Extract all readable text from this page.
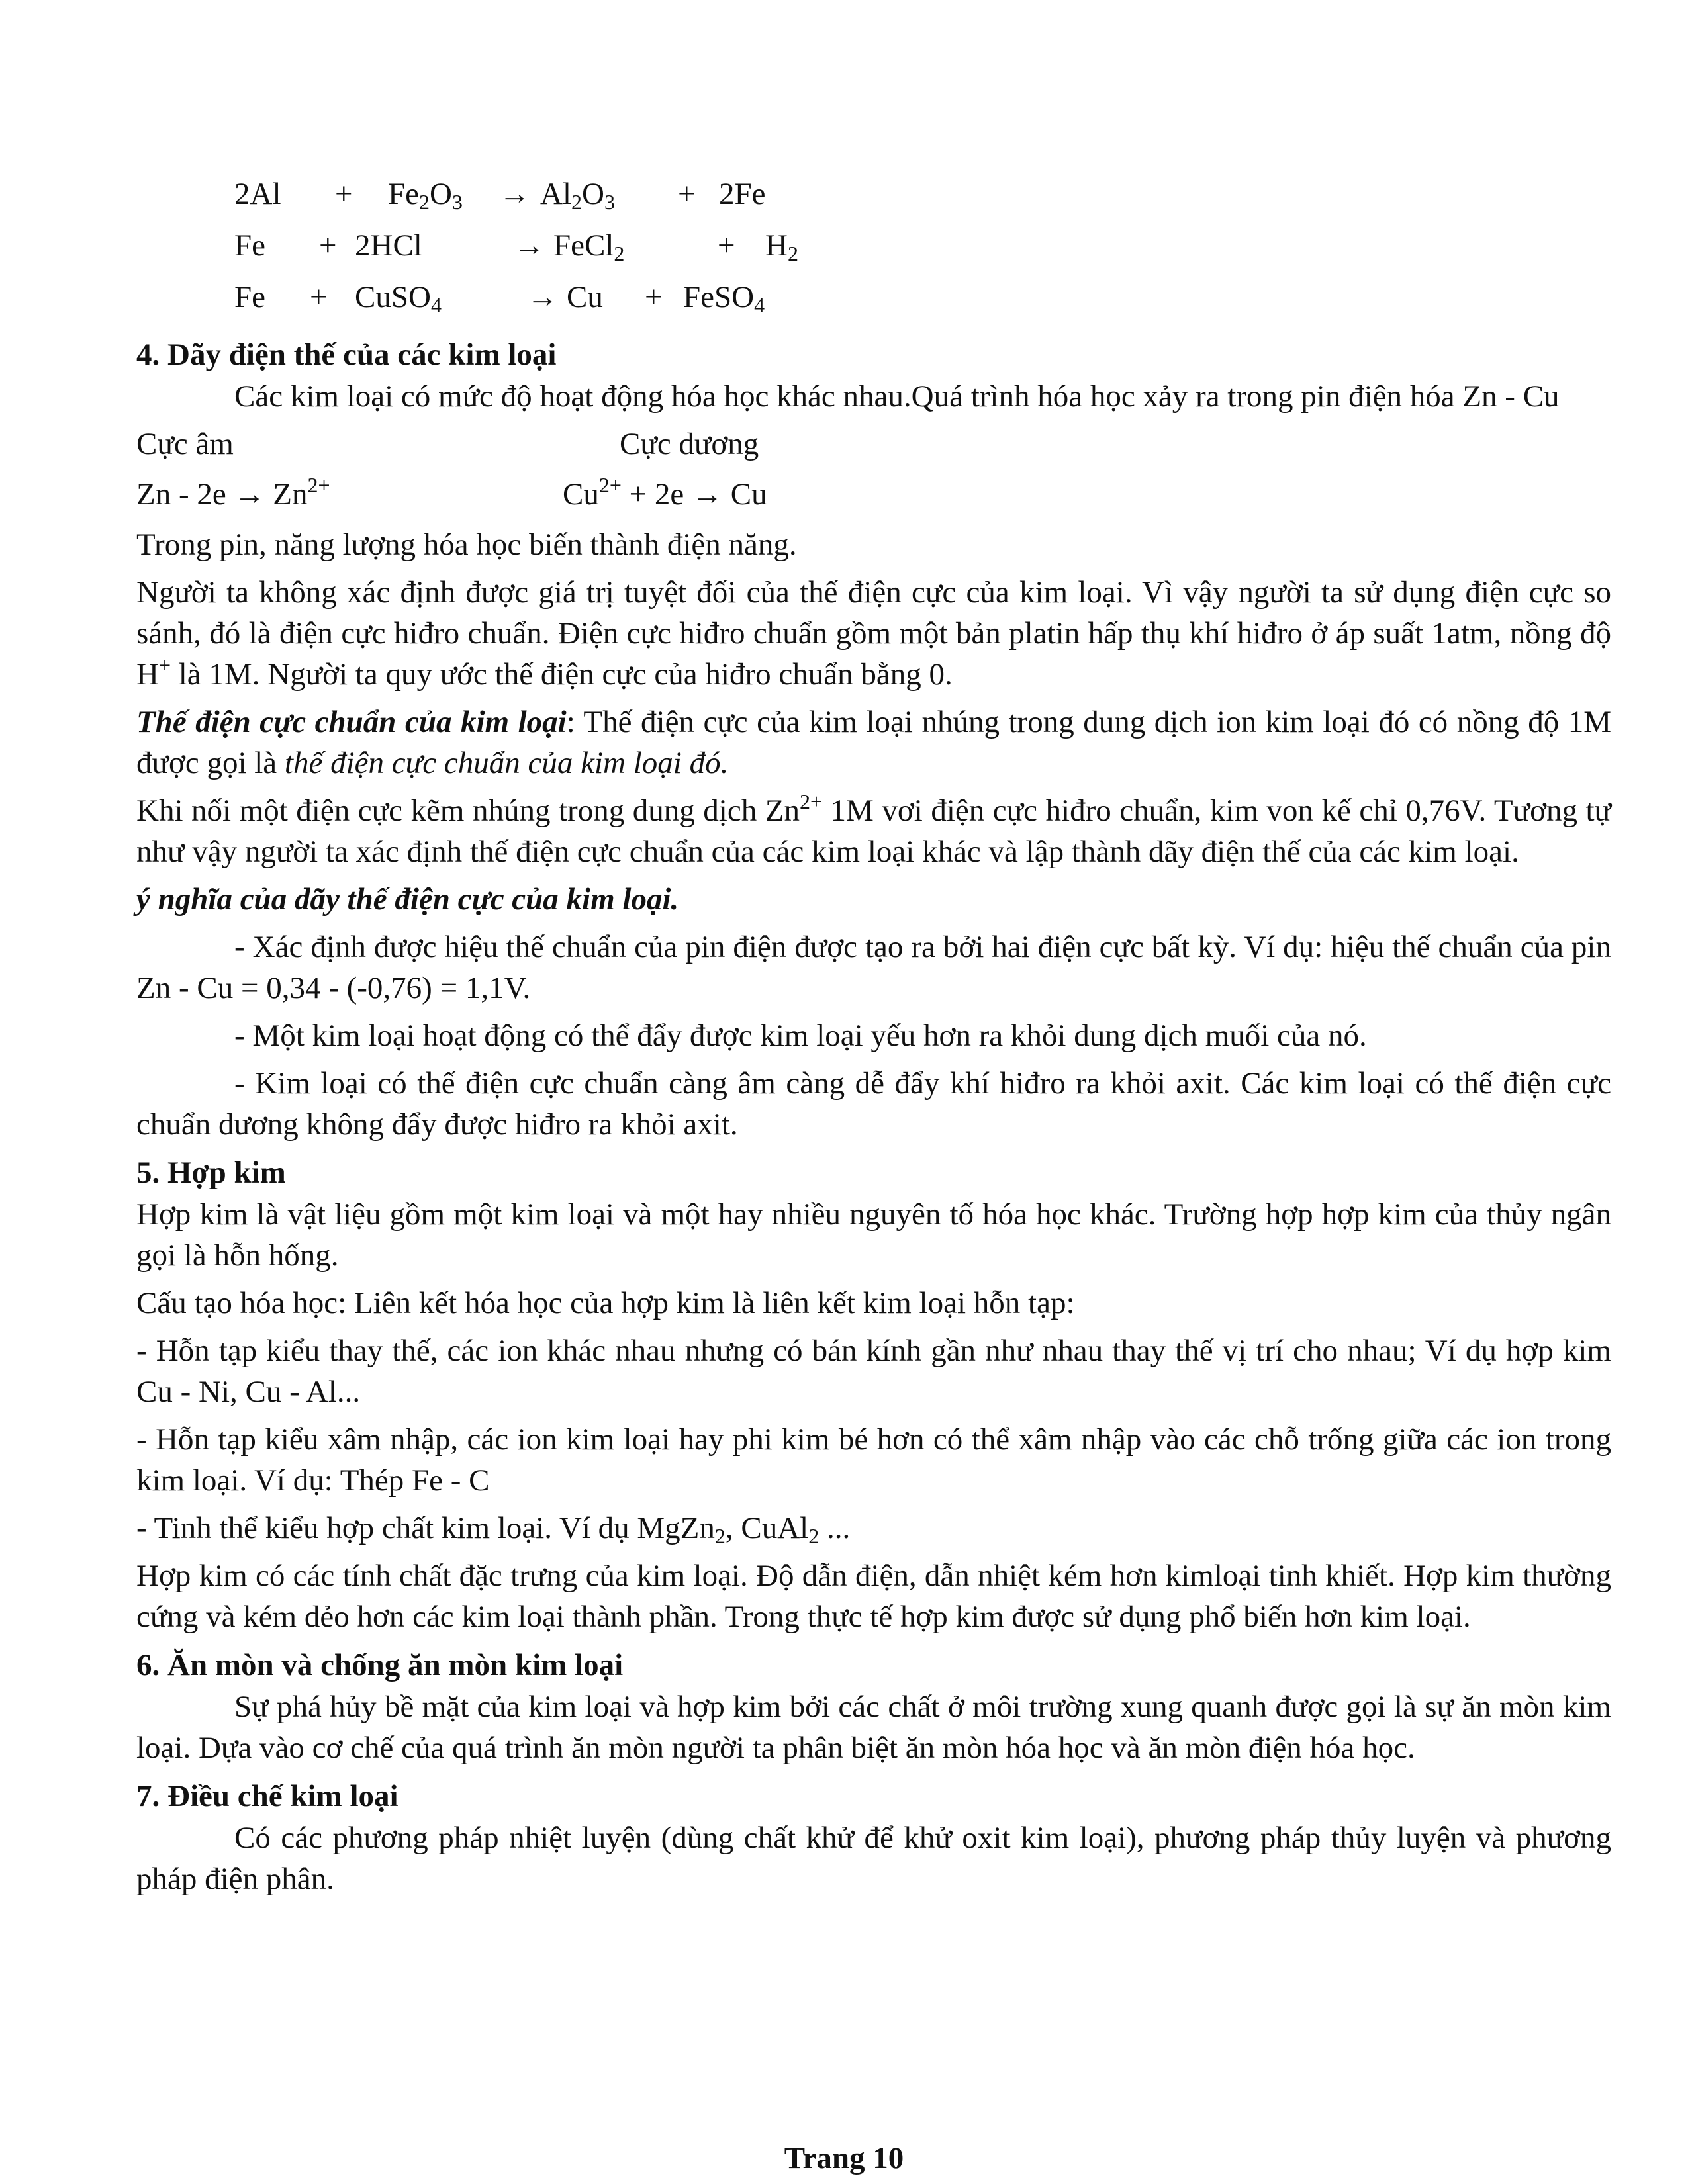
$2Al + Fe_2O_3 \to Al_2O_3 + 2Fe$
Fe + 2HCl	→ FeCl$_2$	+ $H_2$
Fe + CuSO$_4$	→ Cu + FeSO$_4$
4. Dãy điện thế của các kim loại

Các kim loại có mức độ hoạt động hóa học khác nhau.Quá trình hóa học xảy ra trong pin điện hóa Zn - Cu

Cực âm	Cực dương
$Zn - 2e \to Zn^{2+}$	$Cu^{2+} + 2e \to Cu$

Trong pin, năng lượng hóa học biến thành điện năng.

Người ta không xác định được giá trị tuyệt đối của thế điện cực của kim loại. Vì vậy người ta sử dụng điện cực so sánh, đó là điện cực hiđro chuẩn. Điện cực hiđro chuẩn gồm một bản platin hấp thụ khí hiđro ở áp suất 1atm, nồng độ H+ là 1M. Người ta quy ước thế điện cực của hiđro chuẩn bằng 0.

Thế điện cực chuẩn của kim loại: Thế điện cực của kim loại nhúng trong dung dịch ion kim loại đó có nồng độ 1M được gọi là thế điện cực chuẩn của kim loại đó.

Khi nối một điện cực kẽm nhúng trong dung dịch $Zn^{2+}$ 1M vơi điện cực hiđro chuẩn, kim von kế chỉ 0,76V. Tương tự như vậy người ta xác định thế điện cực chuẩn của các kim loại khác và lập thành dãy điện thế của các kim loại.

ý nghĩa của dãy thế điện cực của kim loại.

- Xác định được hiệu thế chuẩn của pin điện được tạo ra bởi hai điện cực bất kỳ. Ví dụ: hiệu thế chuẩn của pin Zn - Cu = 0,34 - (-0,76) = 1,1V.

- Một kim loại hoạt động có thể đẩy được kim loại yếu hơn ra khỏi dung dịch muối của nó.

- Kim loại có thế điện cực chuẩn càng âm càng dễ đẩy khí hiđro ra khỏi axit. Các kim loại có thế điện cực chuẩn dương không đẩy được hiđro ra khỏi axit.

5. Hợp kim

Hợp kim là vật liệu gồm một kim loại và một hay nhiều nguyên tố hóa học khác. Trường hợp hợp kim của thủy ngân gọi là hỗn hống.

Cấu tạo hóa học: Liên kết hóa học của hợp kim là liên kết kim loại hỗn tạp:

- Hỗn tạp kiểu thay thế, các ion khác nhau nhưng có bán kính gần như nhau thay thế vị trí cho nhau; Ví dụ hợp kim Cu - Ni, Cu - Al...

- Hỗn tạp kiểu xâm nhập, các ion kim loại hay phi kim bé hơn có thể xâm nhập vào các chỗ trống giữa các ion trong kim loại. Ví dụ: Thép Fe - C

- Tinh thể kiểu hợp chất kim loại. Ví dụ MgZn$_2$, CuAl$_2$ ...

Hợp kim có các tính chất đặc trưng của kim loại. Độ dẫn điện, dẫn nhiệt kém hơn kimloại tinh khiết. Hợp kim thường cứng và kém dẻo hơn các kim loại thành phần. Trong thực tế hợp kim được sử dụng phổ biến hơn kim loại.

6. Ăn mòn và chống ăn mòn kim loại

Sự phá hủy bề mặt của kim loại và hợp kim bởi các chất ở môi trường xung quanh được gọi là sự ăn mòn kim loại. Dựa vào cơ chế của quá trình ăn mòn người ta phân biệt ăn mòn hóa học và ăn mòn điện hóa học.

7. Điều chế kim loại

Có các phương pháp nhiệt luyện (dùng chất khử để khử oxit kim loại), phương pháp thủy luyện và phương pháp điện phân.

Trang 10
